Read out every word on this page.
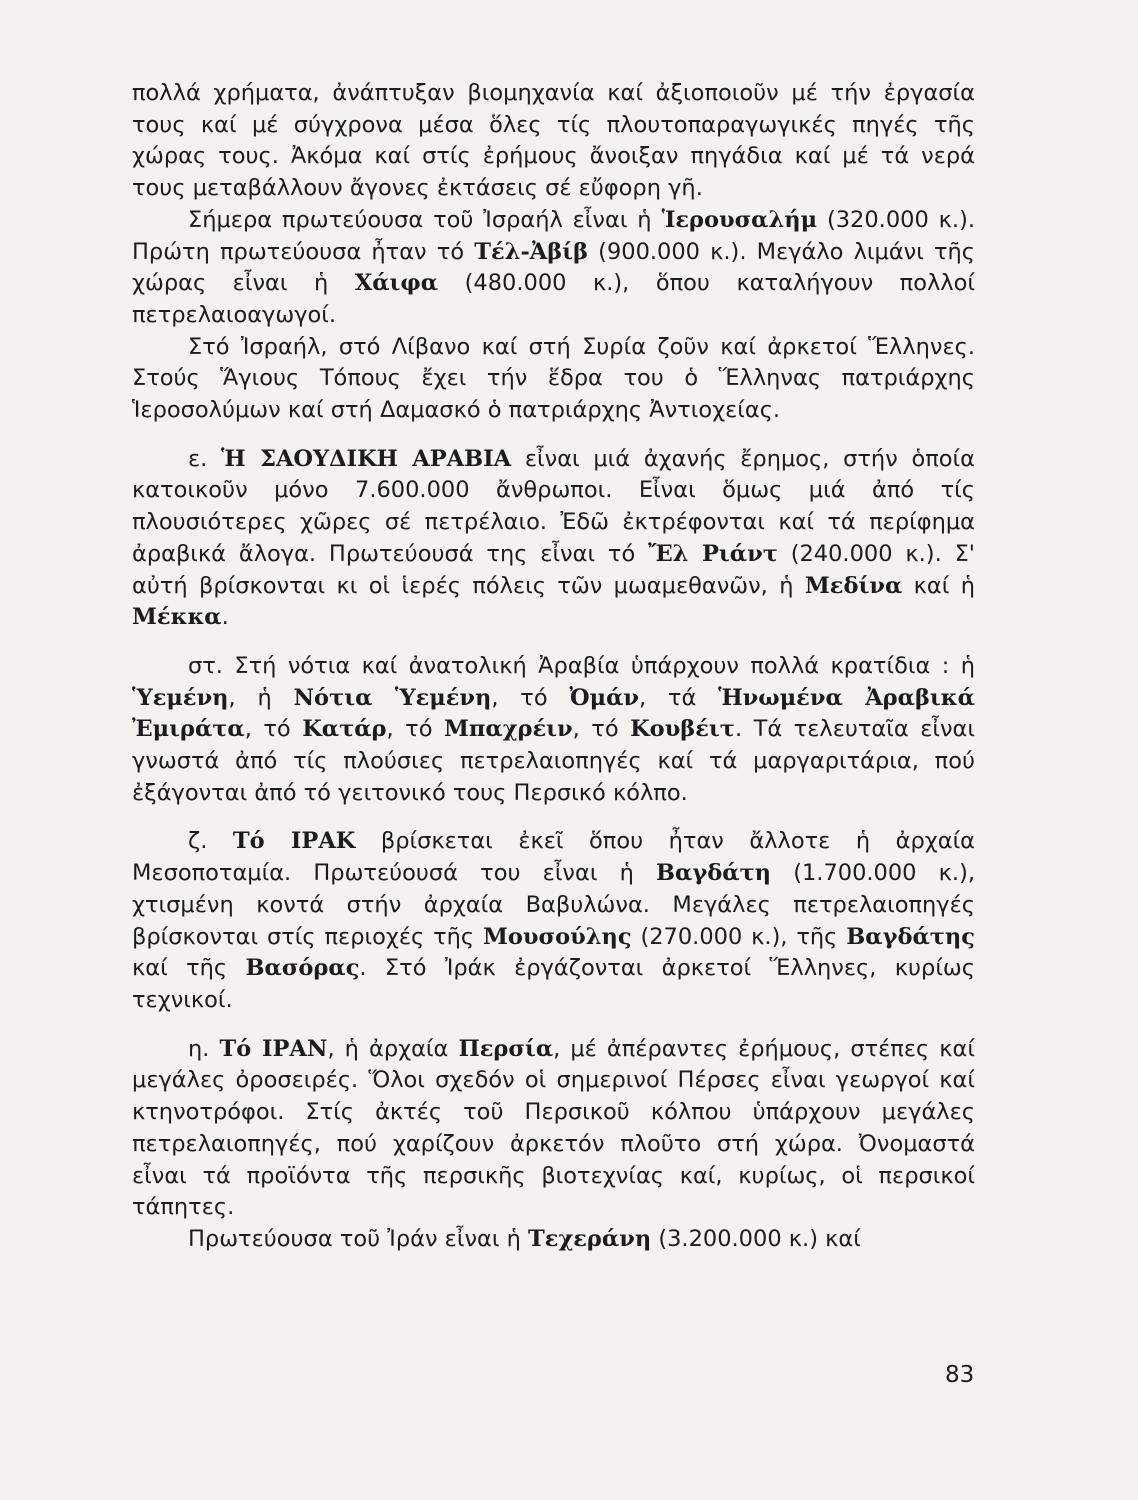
πολλά χρήματα, ἀνάπτυξαν βιομηχανία καί ἀξιοποιοῦν μέ τήν ἐργασία τους καί μέ σύγχρονα μέσα ὅλες τίς πλουτοπαραγωγικές πηγές τῆς χώρας τους. Ἀκόμα καί στίς ἐρήμους ἄνοιξαν πηγάδια καί μέ τά νερά τους μεταβάλλουν ἄγονες ἐκτάσεις σέ εὔφορη γῆ.

Σήμερα πρωτεύουσα τοῦ Ἰσραήλ εἶναι ἡ Ἱερουσαλήμ (320.000 κ.). Πρώτη πρωτεύουσα ἦταν τό Τέλ-Ἀβίβ (900.000 κ.). Μεγάλο λιμάνι τῆς χώρας εἶναι ἡ Χάιφα (480.000 κ.), ὅπου καταλήγουν πολλοί πετρελαιοαγωγοί.

Στό Ἰσραήλ, στό Λίβανο καί στή Συρία ζοῦν καί ἀρκετοί Ἕλληνες. Στούς Ἅγιους Τόπους ἔχει τήν ἕδρα του ὁ Ἕλληνας πατριάρχης Ἱεροσολύμων καί στή Δαμασκό ὁ πατριάρχης Ἀντιοχείας.

ε. Ἡ ΣΑΟΥΔΙΚΗ ΑΡΑΒΙΑ εἶναι μιά ἀχανής ἔρημος, στήν ὁποία κατοικοῦν μόνο 7.600.000 ἄνθρωποι. Εἶναι ὅμως μιά ἀπό τίς πλουσιότερες χῶρες σέ πετρέλαιο. Ἐδῶ ἐκτρέφονται καί τά περίφημα ἀραβικά ἄλογα. Πρωτεύουσά της εἶναι τό Ἔλ Ριάντ (240.000 κ.). Σ' αὐτή βρίσκονται κι οἱ ἱερές πόλεις τῶν μωαμεθανῶν, ἡ Μεδίνα καί ἡ Μέκκα.

στ. Στή νότια καί ἀνατολική Ἀραβία ὑπάρχουν πολλά κρατίδια : ἡ Ὑεμένη, ἡ Νότια Ὑεμένη, τό Ὀμάν, τά Ἡνωμένα Ἀραβικά Ἐμιράτα, τό Κατάρ, τό Μπαχρέιν, τό Κουβέιτ. Τά τελευταῖα εἶναι γνωστά ἀπό τίς πλούσιες πετρελαιοπηγές καί τά μαργαριτάρια, πού ἐξάγονται ἀπό τό γειτονικό τους Περσικό κόλπο.

ζ. Τό ΙΡΑΚ βρίσκεται ἐκεῖ ὅπου ἦταν ἄλλοτε ἡ ἀρχαία Μεσοποταμία. Πρωτεύουσά του εἶναι ἡ Βαγδάτη (1.700.000 κ.), χτισμένη κοντά στήν ἀρχαία Βαβυλώνα. Μεγάλες πετρελαιοπηγές βρίσκονται στίς περιοχές τῆς Μουσούλης (270.000 κ.), τῆς Βαγδάτης καί τῆς Βασόρας. Στό Ἰράκ ἐργάζονται ἀρκετοί Ἕλληνες, κυρίως τεχνικοί.

η. Τό ΙΡΑΝ, ἡ ἀρχαία Περσία, μέ ἀπέραντες ἐρήμους, στέπες καί μεγάλες ὀροσειρές. Ὅλοι σχεδόν οἱ σημερινοί Πέρσες εἶναι γεωργοί καί κτηνοτρόφοι. Στίς ἀκτές τοῦ Περσικοῦ κόλπου ὑπάρχουν μεγάλες πετρελαιοπηγές, πού χαρίζουν ἀρκετόν πλοῦτο στή χώρα. Ὀνομαστά εἶναι τά προϊόντα τῆς περσικῆς βιοτεχνίας καί, κυρίως, οἱ περσικοί τάπητες.

Πρωτεύουσα τοῦ Ἰράν εἶναι ἡ Τεχεράνη (3.200.000 κ.) καί

83
